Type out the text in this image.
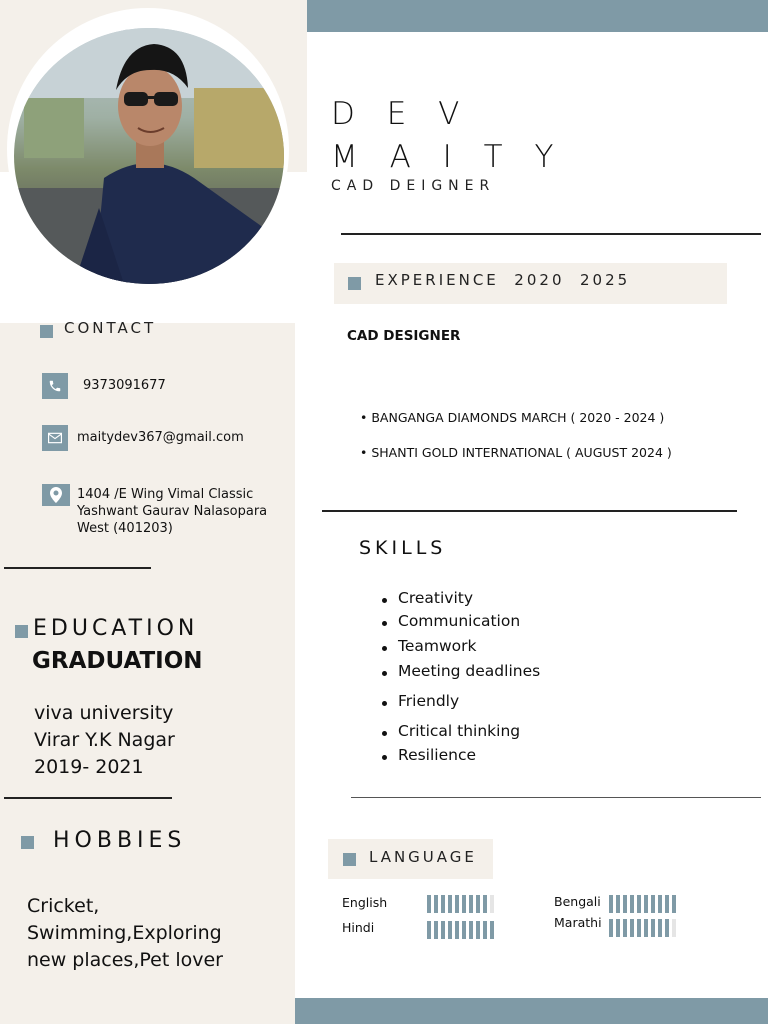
D E V
M A I T Y
CAD DEIGNER
EXPERIENCE  2020  2025
CAD DESIGNER
• BANGANGA DIAMONDS MARCH ( 2020 - 2024 )
• SHANTI GOLD INTERNATIONAL ( AUGUST 2024 )
SKILLS
Creativity
Communication
Teamwork
Meeting deadlines
Friendly
Critical thinking
Resilience
LANGUAGE
English
Hindi
Bengali
Marathi
CONTACT
9373091677
maitydev367@gmail.com
1404 /E Wing Vimal Classic
Yashwant Gaurav Nalasopara
West (401203)
EDUCATION
GRADUATION
viva university
Virar Y.K Nagar
2019- 2021
HOBBIES
Cricket,
Swimming,Exploring
new places,Pet lover
